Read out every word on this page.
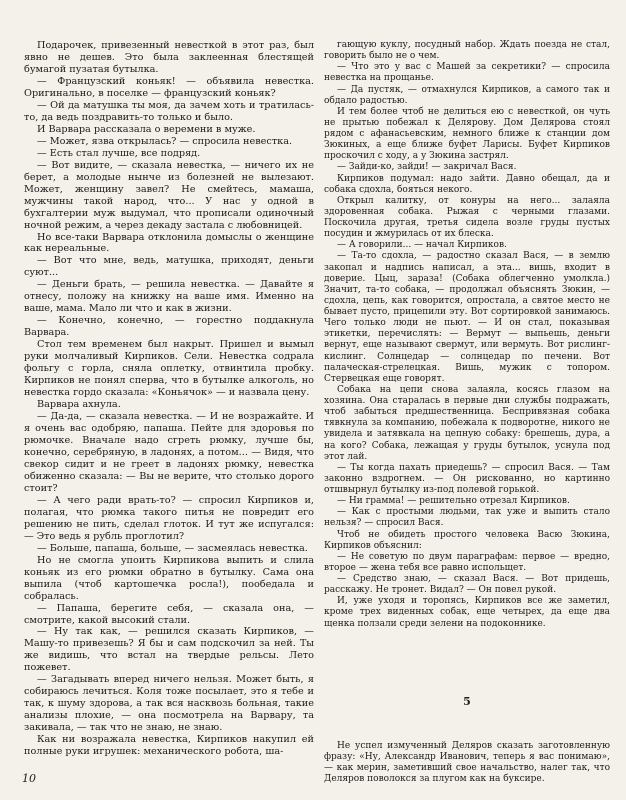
Подарочек, привезенный невесткой в этот раз, был явно не дешев. Это была заклеенная блестящей бумагой пузатая бутылка.

— Французский коньяк! — объявила невестка. Оригинально, в поселке — французский коньяк?

— Ой да матушка ты моя, да зачем хоть и тратилась-то, да ведь поздравить-то только и было.

И Варвара рассказала о веремени в муже.

— Может, язва открылась? — спросила невестка.

— Есть стал лучше, все подряд.

— Вот видите, — сказала невестка, — ничего их не берет, а молодые нынче из болезней не вылезают. Может, женщину завел? Не смейтесь, мамаша, мужчины такой народ, что... У нас у одной в бухгалтерии муж выдумал, что прописали одиночный ночной режим, а через декаду застала с любовницей.

Но все-таки Варвара отклонила домыслы о женщине как нереальные.

— Вот что мне, ведь, матушка, приходят, деньги суют...

— Деньги брать, — решила невестка. — Давайте я отнесу, положу на книжку на ваше имя. Именно на ваше, мама. Мало ли что и как в жизни.

— Конечно, конечно, — горестно поддакнула Варвара.

Стол тем временем был накрыт. Пришел и вымыл руки молчаливый Кирпиков. Сели. Невестка содрала фольгу с горла, сняла оплетку, отвинтила пробку. Кирпиков не понял сперва, что в бутылке алкоголь, но невестка гордо сказала: «Коньячок» — и назвала цену.

Варвара ахнула.

— Да-да, — сказала невестка. — И не возражайте. И я очень вас одобряю, папаша. Пейте для здоровья по рюмочке. Вначале надо сгреть рюмку, лучше бы, конечно, серебряную, в ладонях, а потом... — Видя, что свекор сидит и не греет в ладонях рюмку, невестка обиженно сказала: — Вы не верите, что столько дорого стоит?

— А чего ради врать-то? — спросил Кирпиков и, полагая, что рюмка такого питья не повредит его решению не пить, сделал глоток. И тут же испугался: — Это ведь я рубль проглотил?

— Больше, папаша, больше, — засмеялась невестка.

Но не смогла упоить Кирпикова выпить и слила коньяк из его рюмки обратно в бутылку. Сама она выпила (чтоб картошечка росла!), пообедала и собралась.

— Папаша, берегите себя, — сказала она, — смотрите, какой высокий стали.

— Ну так как, — решился сказать Кирпиков, — Машу-то привезешь? Я бы и сам подскочил за ней. Ты же видишь, что встал на твердые рельсы. Лето пожевет.

— Загадывать вперед ничего нельзя. Может быть, я собираюсь лечиться. Коля тоже посылает, это я тебе и так, к шуму здорова, а так вся насквозь больная, такие анализы плохие, — она посмотрела на Варвару, та закивала, — так что не знаю, не знаю.

Как ни возражала невестка, Кирпиков накупил ей полные руки игрушек: механического робота, ша-

гающую куклу, посудный набор. Ждать поезда не стал, говорить было не о чем.

— Что это у вас с Машей за секретики? — спросила невестка на прощанье.

— Да пустяк, — отмахнулся Кирпиков, а самого так и обдало радостью.

И тем более чтоб не делиться ею с невесткой, он чуть не прытью побежал к Делярову. Дом Делярова стоял рядом с афанасьевским, немного ближе к станции дом Зюкиных, а еще ближе буфет Ларисы. Буфет Кирпиков проскочил с ходу, а у Зюкина застрял.

— Зайди-ко, зайди! — закричал Вася.

Кирпиков подумал: надо зайти. Давно обещал, да и собака сдохла, бояться некого.

Открыл калитку, от конуры на него... залаяла здоровенная собака. Рыжая с черными глазами. Поскочила другая, третья сидела возле груды пустых посудин и жмурилась от их блеска.

— А говорили... — начал Кирпиков.

— Та-то сдохла, — радостно сказал Вася, — в землю закопал и надпись написал, а эта... вишь, входит в доверие. Цыц, зараза! (Собака облегченно умолкла.) Значит, та-то собака, — продолжал объяснять Зюкин, — сдохла, цепь, как говорится, опростала, а святое место не бывает пусто, прицепили эту. Вот сортировкой занимаюсь. Чего только люди не пьют. — И он стал, показывая этикетки, перечислять: — Вермут — выпьешь, деньги вернут, еще называют свермут, или вермуть. Вот рислинг-кислинг. Солнцедар — солнцедар по печени. Вот палаческая-стрелецкая. Вишь, мужик с топором. Стервецкая еще говорят.

Собака на цепи снова залаяла, косясь глазом на хозяина. Она старалась в первые дни службы подражать, чтоб забыться предшественница. Беспривязная собака тявкнула за компанию, побежала к подворотне, никого не увидела и затявкала на цепную собаку: брешешь, дура, а на кого? Собака, лежащая у груды бутылок, уснула под этот лай.

— Ты когда пахать приедешь? — спросил Вася. — Там законно вздрогнем. — Он рискованно, но картинно отшвырнул бутылку из-под полевой горькой.

— Ни грамма! — решительно отрезал Кирпиков.

— Как с простыми людьми, так уже и выпить стало нельзя? — спросил Вася.

Чтоб не обидеть простого человека Васю Зюкина, Кирпиков объяснил:

— Не советую по двум параграфам: первое — вредно, второе — жена тебя все равно испольщет.

— Средство знаю, — сказал Вася. — Вот придешь, расскажу. Не тронет. Видал? — Он повел рукой.

И, уже уходя и торопясь, Кирпиков все же заметил, кроме трех виденных собак, еще четырех, да еще два щенка ползали среди зелени на подоконнике.

5

Не успел измученный Деляров сказать заготовленную фразу: «Ну, Александр Иванович, теперь я вас понимаю», — как мерин, заметивший свое начальство, налег так, что Деляров поволокся за плугом как на буксире.

10
